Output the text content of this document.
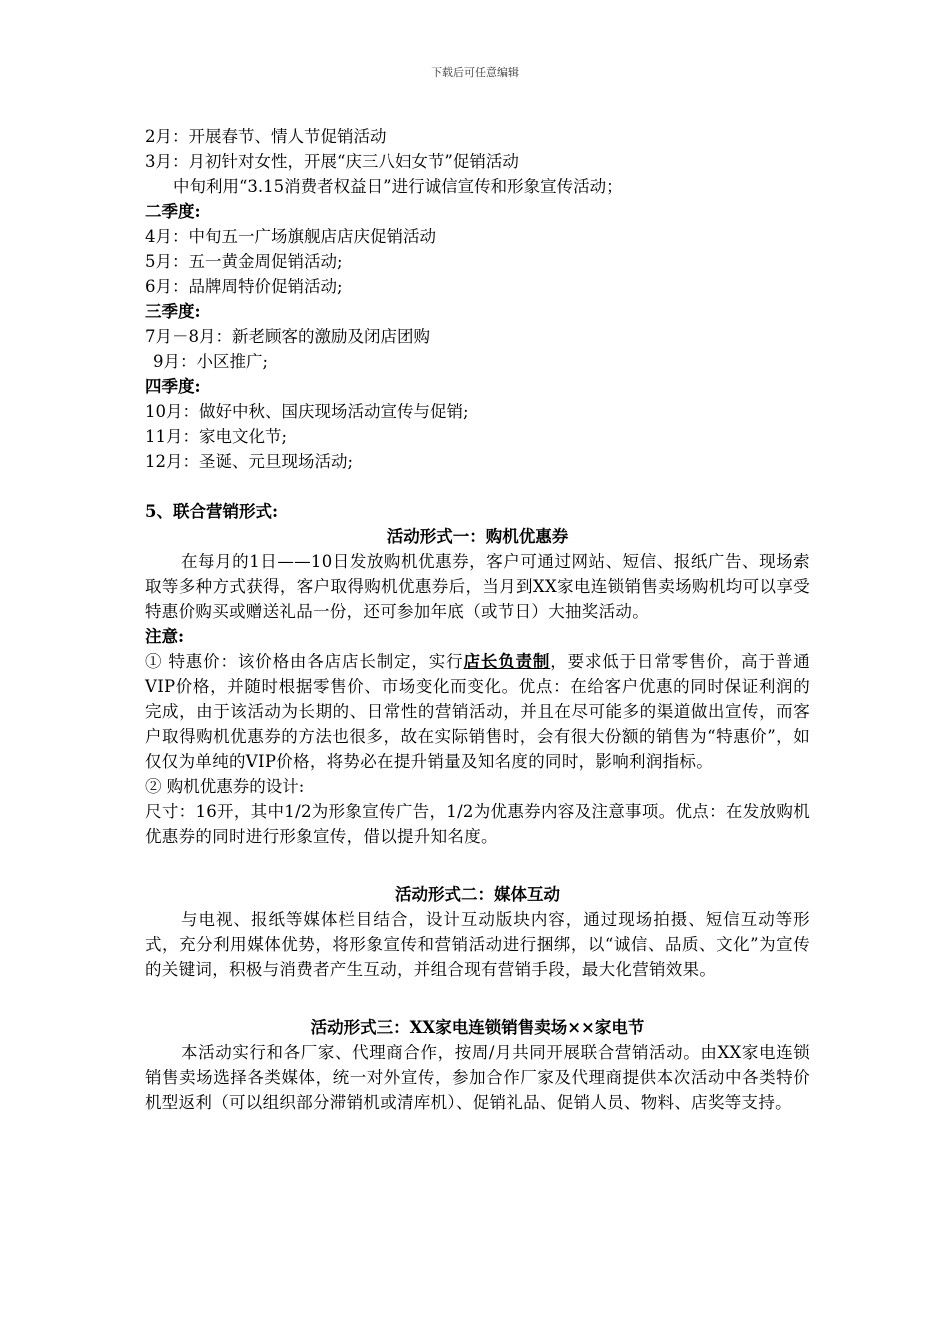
下载后可任意编辑
2月：开展春节、情人节促销活动
3月：月初针对女性，开展“庆三八妇女节”促销活动
中旬利用“3.15消费者权益日”进行诚信宣传和形象宣传活动；
二季度:
4月：中旬五一广场旗舰店店庆促销活动
5月：五一黄金周促销活动;
6月：品牌周特价促销活动;
三季度:
7月－8月：新老顾客的激励及闭店团购
9月：小区推广;
四季度:
10月：做好中秋、国庆现场活动宣传与促销;
11月：家电文化节;
12月：圣诞、元旦现场活动;
5、联合营销形式:
活动形式一：购机优惠券
在每月的1日——10日发放购机优惠券，客户可通过网站、短信、报纸广告、现场索取等多种方式获得，客户取得购机优惠券后，当月到XX家电连锁销售卖场购机均可以享受特惠价购买或赠送礼品一份，还可参加年底（或节日）大抽奖活动。
注意:
① 特惠价：该价格由各店店长制定，实行店长负责制，要求低于日常零售价，高于普通VIP价格，并随时根据零售价、市场变化而变化。优点：在给客户优惠的同时保证利润的完成，由于该活动为长期的、日常性的营销活动，并且在尽可能多的渠道做出宣传，而客户取得购机优惠券的方法也很多，故在实际销售时，会有很大份额的销售为“特惠价”，如仅仅为单纯的VIP价格，将势必在提升销量及知名度的同时，影响利润指标。
② 购机优惠券的设计:
尺寸：16开，其中1/2为形象宣传广告，1/2为优惠券内容及注意事项。优点：在发放购机优惠券的同时进行形象宣传，借以提升知名度。
活动形式二：媒体互动
与电视、报纸等媒体栏目结合，设计互动版块内容，通过现场拍摄、短信互动等形式，充分利用媒体优势，将形象宣传和营销活动进行捆绑，以“诚信、品质、文化”为宣传的关键词，积极与消费者产生互动，并组合现有营销手段，最大化营销效果。
活动形式三：XX家电连锁销售卖场××家电节
本活动实行和各厂家、代理商合作，按周/月共同开展联合营销活动。由XX家电连锁销售卖场选择各类媒体，统一对外宣传，参加合作厂家及代理商提供本次活动中各类特价机型返利（可以组织部分滞销机或清库机）、促销礼品、促销人员、物料、店奖等支持。
